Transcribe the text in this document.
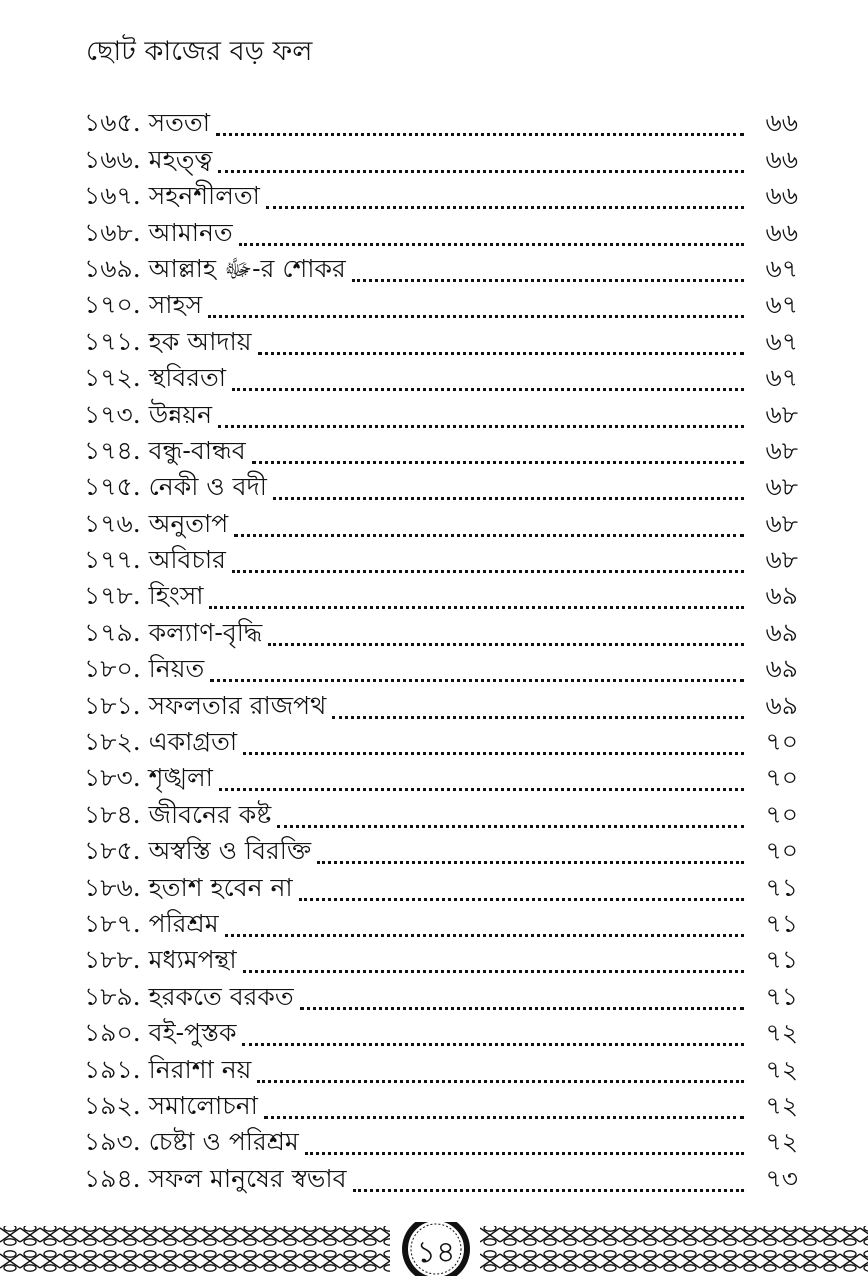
ছোট কাজের বড় ফল
১৬৫. সততা	৬৬
১৬৬. মহত্ত্ব	৬৬
১৬৭. সহনশীলতা	৬৬
১৬৮. আমানত	৬৬
১৬৯. আল্লাহ ﷻ-র শোকর	৬৭
১৭০. সাহস	৬৭
১৭১. হক আদায়	৬৭
১৭২. স্থবিরতা	৬৭
১৭৩. উন্নয়ন	৬৮
১৭৪. বন্ধু-বান্ধব	৬৮
১৭৫. নেকী ও বদী	৬৮
১৭৬. অনুতাপ	৬৮
১৭৭. অবিচার	৬৮
১৭৮. হিংসা	৬৯
১৭৯. কল্যাণ-বৃদ্ধি	৬৯
১৮০. নিয়ত	৬৯
১৮১. সফলতার রাজপথ	৬৯
১৮২. একাগ্রতা	৭০
১৮৩. শৃঙ্খলা	৭০
১৮৪. জীবনের কষ্ট	৭০
১৮৫. অস্বস্তি ও বিরক্তি	৭০
১৮৬. হতাশ হবেন না	৭১
১৮৭. পরিশ্রম	৭১
১৮৮. মধ্যমপন্থা	৭১
১৮৯. হরকতে বরকত	৭১
১৯০. বই-পুস্তক	৭২
১৯১. নিরাশা নয়	৭২
১৯২. সমালোচনা	৭২
১৯৩. চেষ্টা ও পরিশ্রম	৭২
১৯৪. সফল মানুষের স্বভাব	৭৩
১৪
